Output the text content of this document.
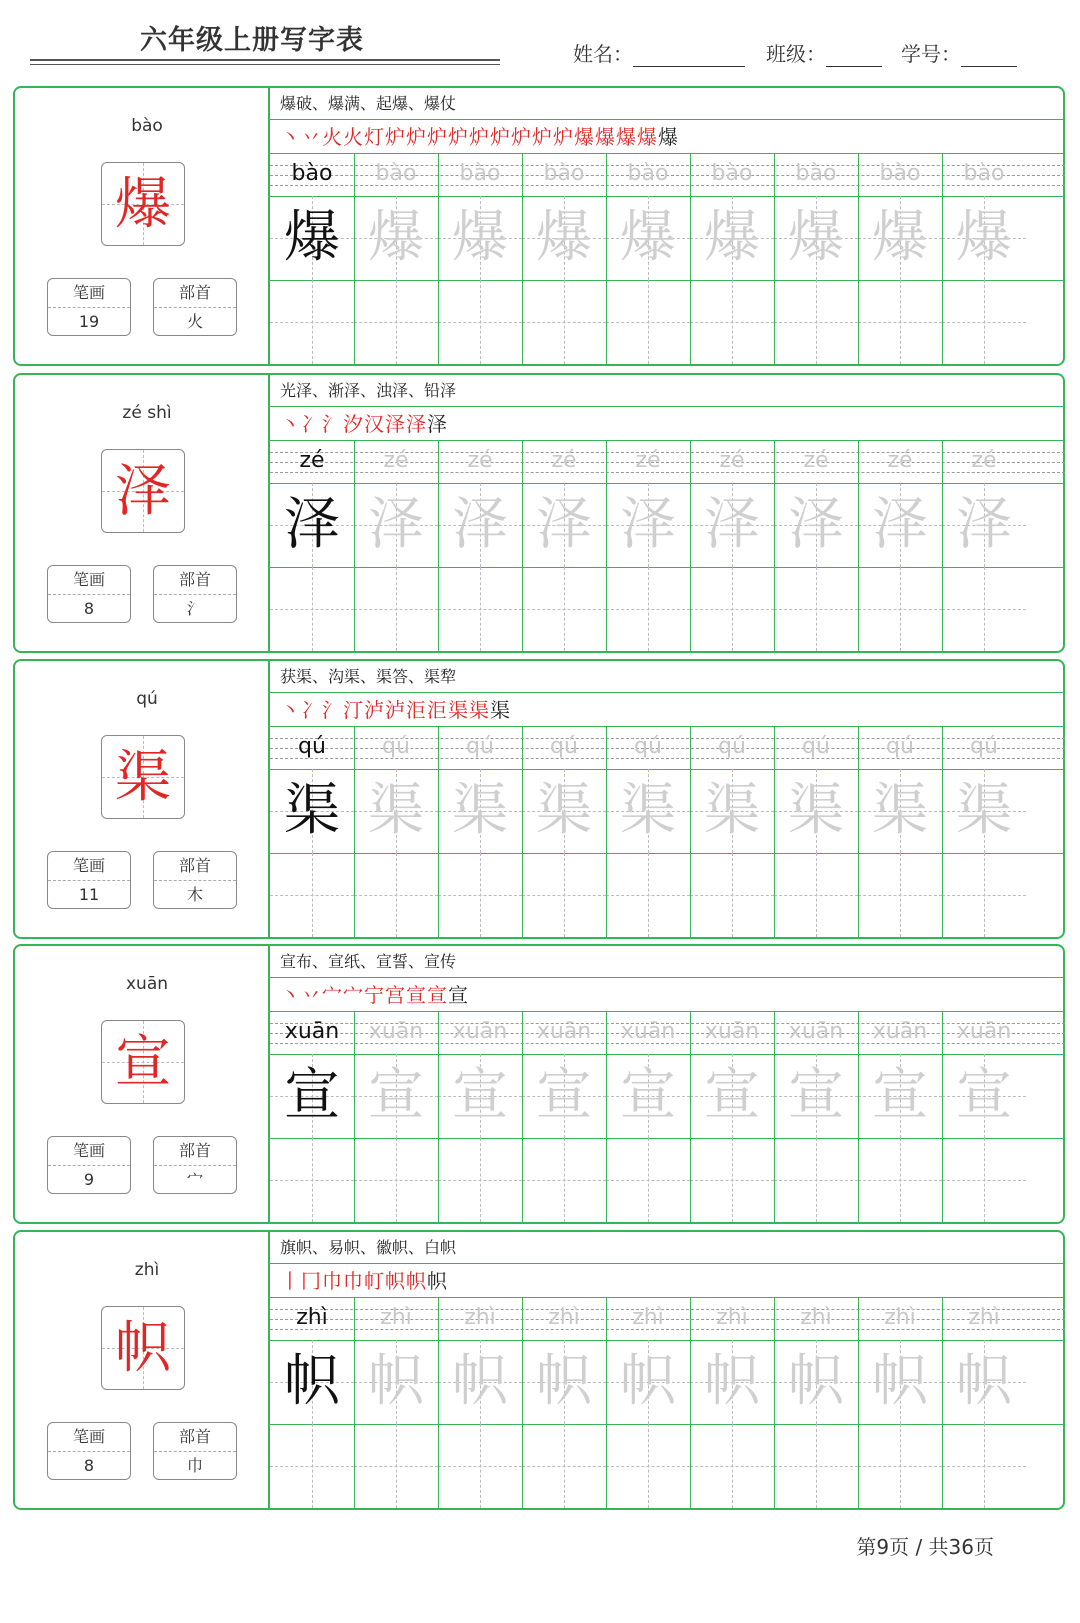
六年级上册写字表	姓名：	班级：	学号：
bào
爆
笔画
19
部首
火
爆破、爆满、起爆、爆仗
丶丷火火灯炉炉炉炉炉炉炉炉炉爆爆爆爆爆
bào	bào	bào	bào	bào	bào	bào	bào	bào
爆 爆 爆 爆 爆 爆 爆 爆 爆
zé shì
泽
笔画
8
部首
氵
光泽、渐泽、浊泽、铅泽
丶冫氵汐汉泽泽泽
zé	zé	zé	zé	zé	zé	zé	zé	zé
泽 泽 泽 泽 泽 泽 泽 泽 泽
qú
渠
笔画
11
部首
木
获渠、沟渠、渠答、渠犂
丶冫氵汀泸泸洰洰渠渠渠
qú	qú	qú	qú	qú	qú	qú	qú	qú
渠 渠 渠 渠 渠 渠 渠 渠 渠
xuān
宣
笔画
9
部首
宀
宣布、宣纸、宣誓、宣传
丶丷宀宀宁宫宣宣宣
xuān	xuān	xuān	xuān	xuān	xuān	xuān	xuān	xuān
宣 宣 宣 宣 宣 宣 宣 宣 宣
zhì
帜
笔画
8
部首
巾
旗帜、易帜、徽帜、白帜
丨冂巾巾帄帜帜帜
zhì	zhì	zhì	zhì	zhì	zhì	zhì	zhì	zhì
帜 帜 帜 帜 帜 帜 帜 帜 帜
第9页 / 共36页
